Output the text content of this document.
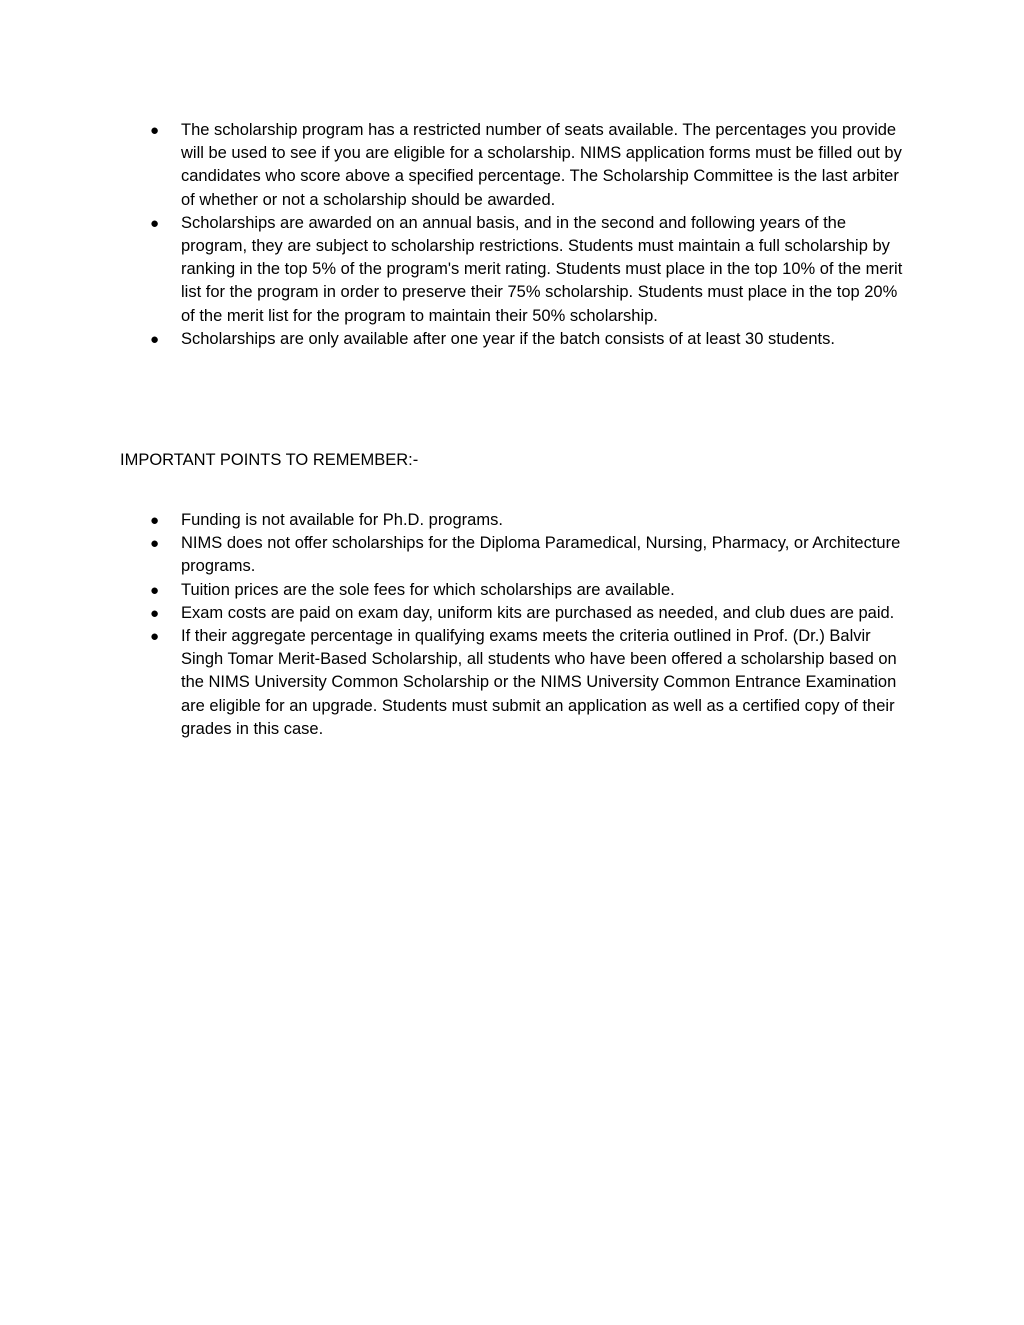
● The scholarship program has a restricted number of seats available. The percentages you provide will be used to see if you are eligible for a scholarship. NIMS application forms must be filled out by candidates who score above a specified percentage. The Scholarship Committee is the last arbiter of whether or not a scholarship should be awarded.
● Scholarships are awarded on an annual basis, and in the second and following years of the program, they are subject to scholarship restrictions. Students must maintain a full scholarship by ranking in the top 5% of the program's merit rating. Students must place in the top 10% of the merit list for the program in order to preserve their 75% scholarship. Students must place in the top 20% of the merit list for the program to maintain their 50% scholarship.
● Scholarships are only available after one year if the batch consists of at least 30 students.

IMPORTANT POINTS TO REMEMBER:-

● Funding is not available for Ph.D. programs.
● NIMS does not offer scholarships for the Diploma Paramedical, Nursing, Pharmacy, or Architecture programs.
● Tuition prices are the sole fees for which scholarships are available.
● Exam costs are paid on exam day, uniform kits are purchased as needed, and club dues are paid.
● If their aggregate percentage in qualifying exams meets the criteria outlined in Prof. (Dr.) Balvir Singh Tomar Merit-Based Scholarship, all students who have been offered a scholarship based on the NIMS University Common Scholarship or the NIMS University Common Entrance Examination are eligible for an upgrade. Students must submit an application as well as a certified copy of their grades in this case.
